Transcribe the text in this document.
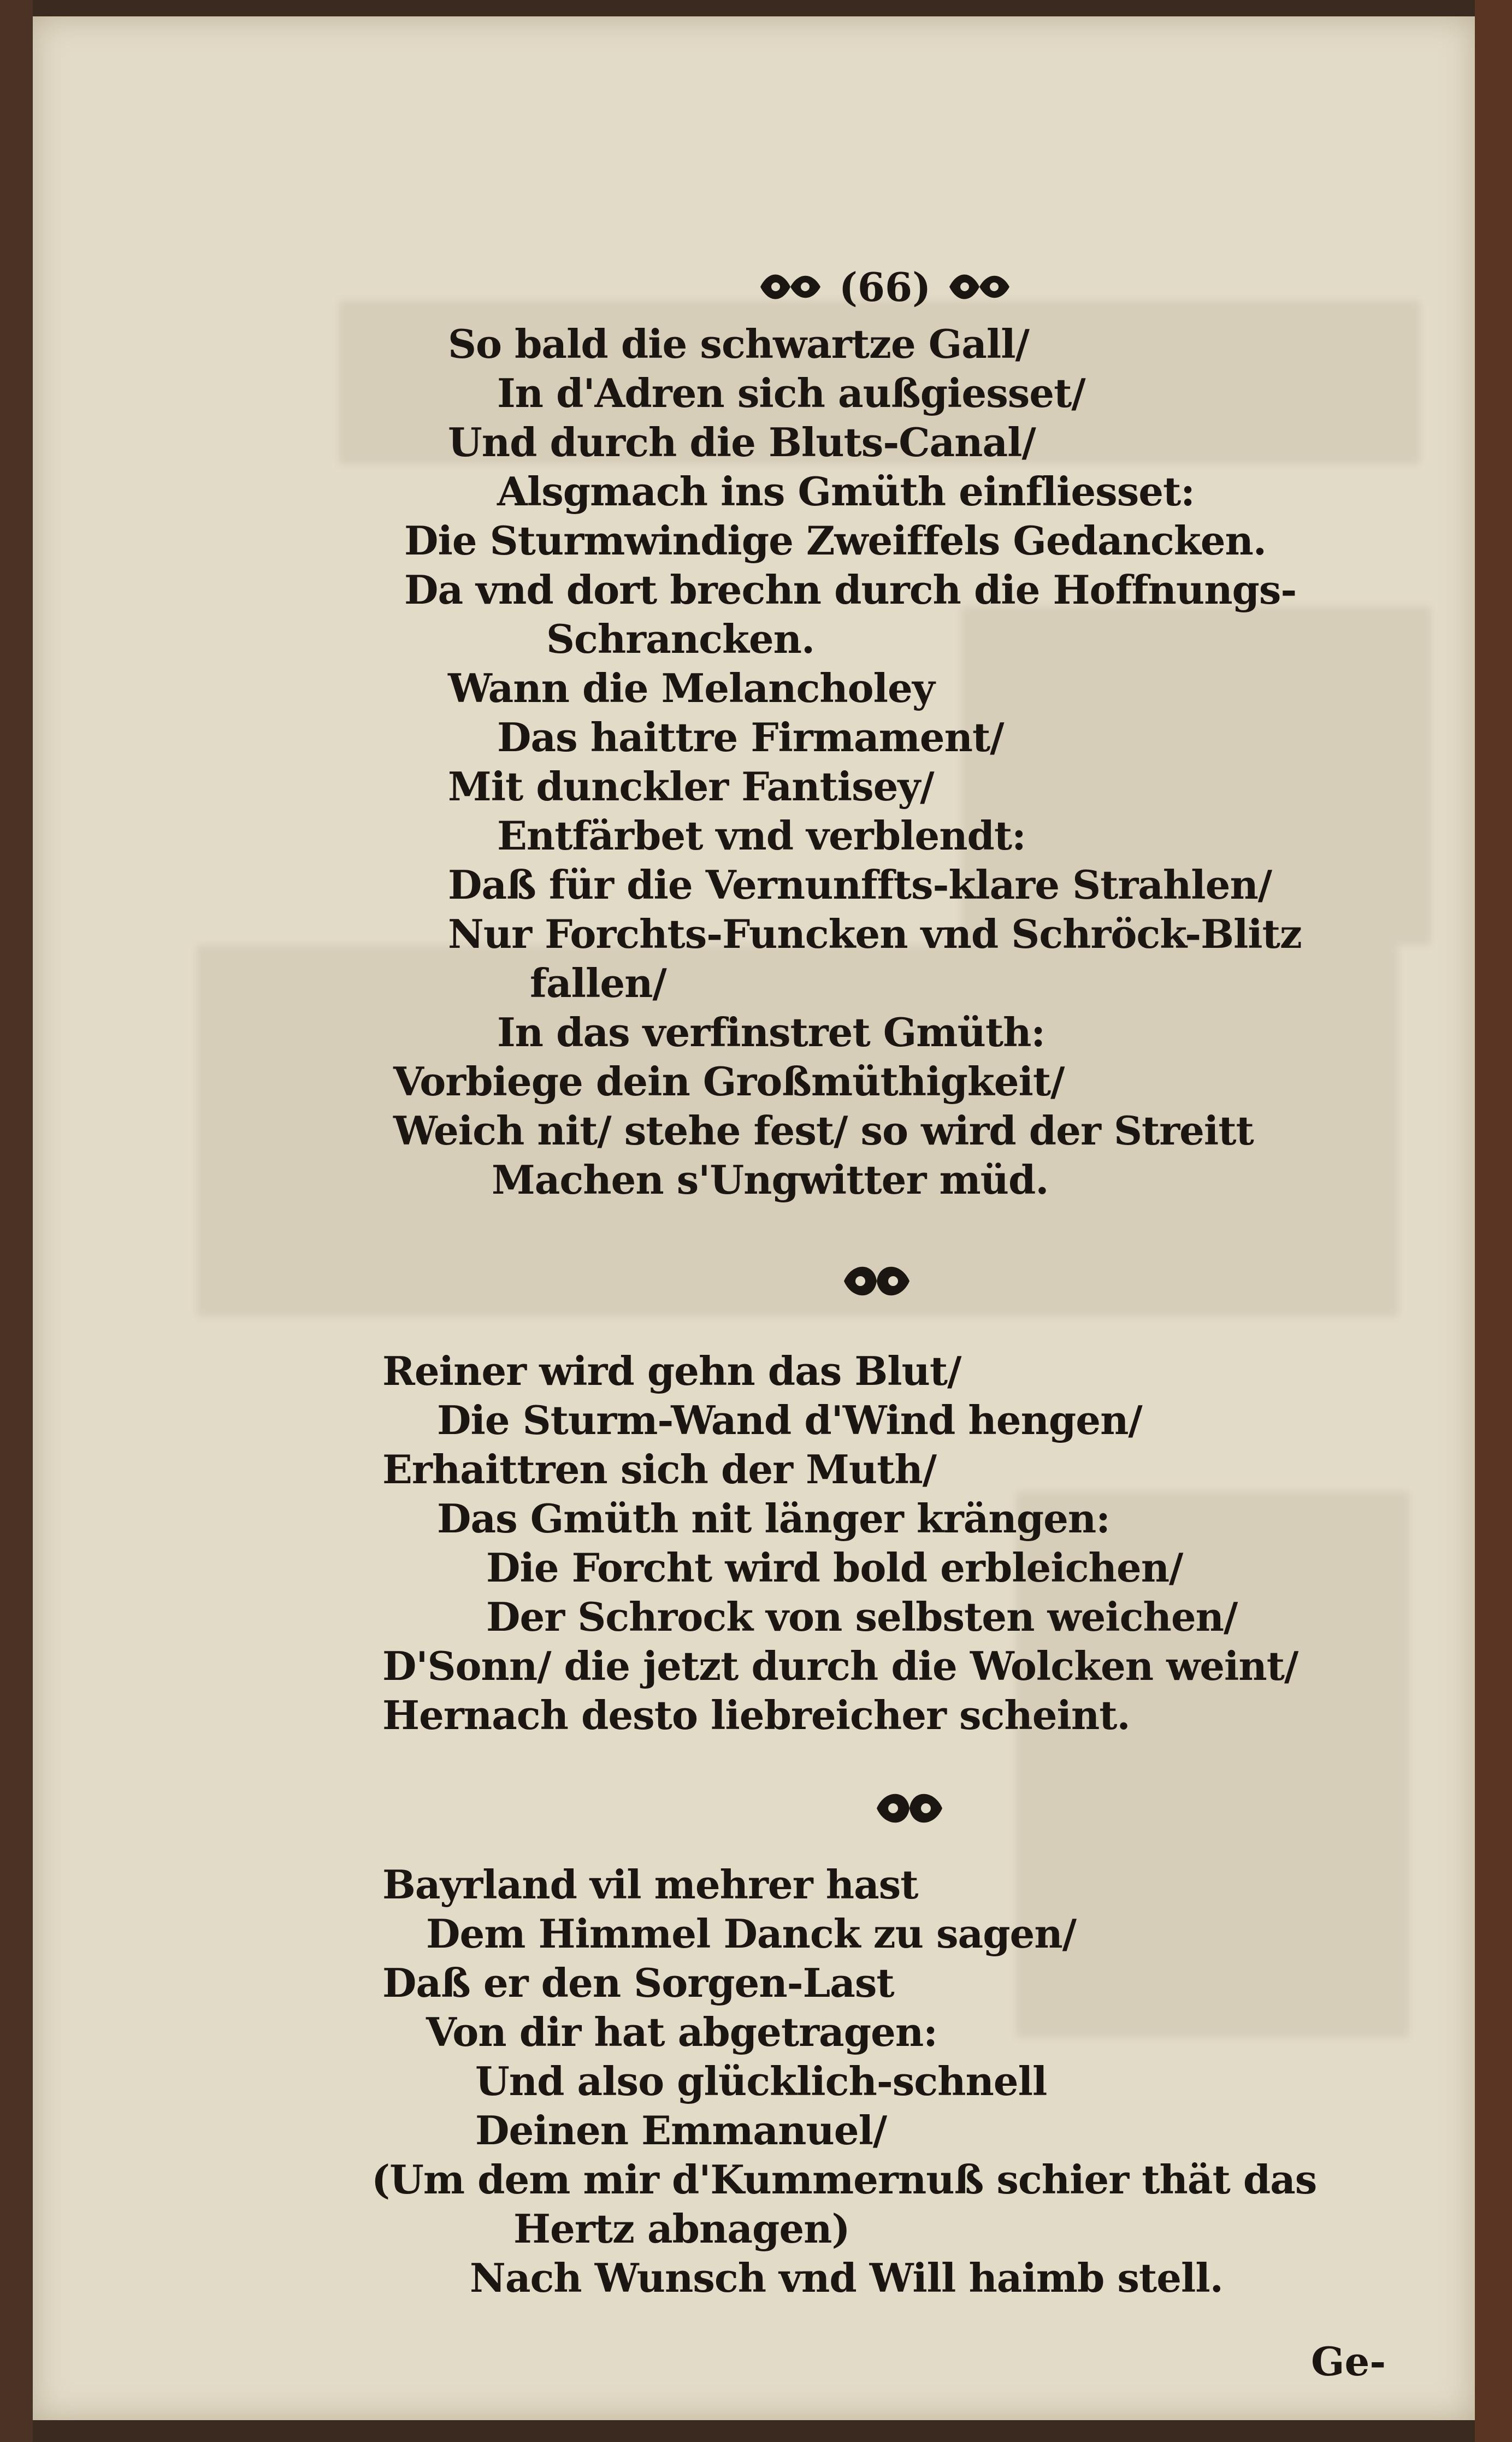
(66)
So bald die schwartze Gall/
In d'Adren sich außgiesset/
Und durch die Bluts-Canal/
Alsgmach ins Gmüth einfliesset:
Die Sturmwindige Zweiffels Gedancken.
Da vnd dort brechn durch die Hoffnungs-
Schrancken.
Wann die Melancholey
Das haittre Firmament/
Mit dunckler Fantisey/
Entfärbet vnd verblendt:
Daß für die Vernunffts-klare Strahlen/
Nur Forchts-Funcken vnd Schröck-Blitz
fallen/
In das verfinstret Gmüth:
Vorbiege dein Großmüthigkeit/
Weich nit/ stehe fest/ so wird der Streitt
Machen s'Ungwitter müd.
Reiner wird gehn das Blut/
Die Sturm-Wand d'Wind hengen/
Erhaittren sich der Muth/
Das Gmüth nit länger krängen:
Die Forcht wird bold erbleichen/
Der Schrock von selbsten weichen/
D'Sonn/ die jetzt durch die Wolcken weint/
Hernach desto liebreicher scheint.
Bayrland vil mehrer hast
Dem Himmel Danck zu sagen/
Daß er den Sorgen-Last
Von dir hat abgetragen:
Und also glücklich-schnell
Deinen Emmanuel/
(Um dem mir d'Kummernuß schier thät das
Hertz abnagen)
Nach Wunsch vnd Will haimb stell.
Ge-
